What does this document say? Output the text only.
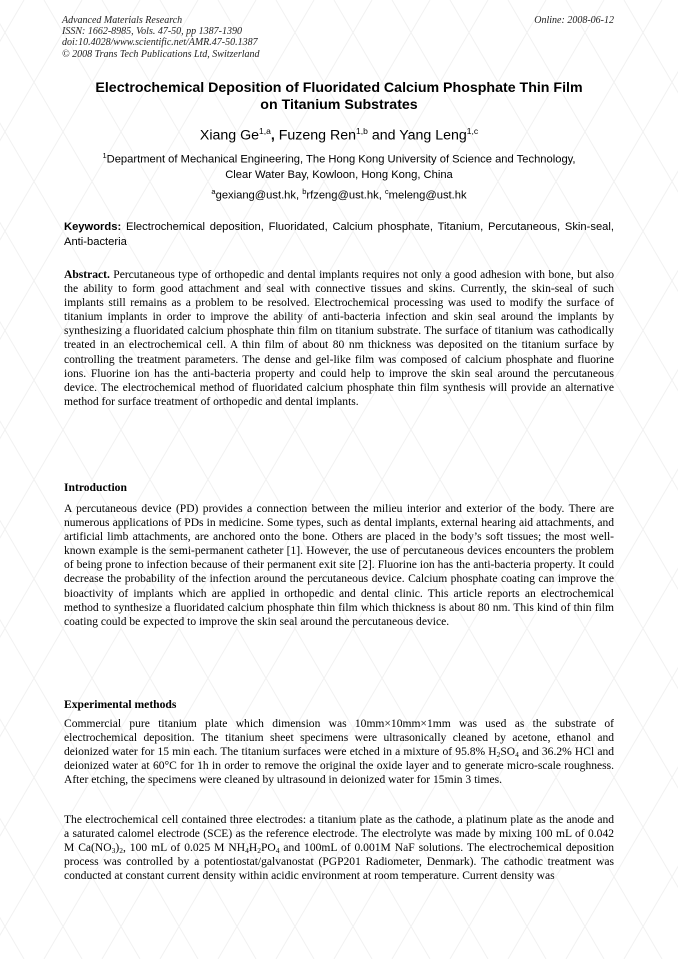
Advanced Materials Research
ISSN: 1662-8985, Vols. 47-50, pp 1387-1390
doi:10.4028/www.scientific.net/AMR.47-50.1387
© 2008 Trans Tech Publications Ltd, Switzerland
Online: 2008-06-12
Electrochemical Deposition of Fluoridated Calcium Phosphate Thin Film
on Titanium Substrates
Xiang Ge$^{1,a}$, Fuzeng Ren$^{1,b}$ and Yang Leng$^{1,c}$
$^1$Department of Mechanical Engineering, The Hong Kong University of Science and Technology,
Clear Water Bay, Kowloon, Hong Kong, China
$^a$gexiang@ust.hk, $^b$rfzeng@ust.hk, $^c$meleng@ust.hk
Keywords: Electrochemical deposition, Fluoridated, Calcium phosphate, Titanium, Percutaneous, Skin-seal, Anti-bacteria
Abstract. Percutaneous type of orthopedic and dental implants requires not only a good adhesion with bone, but also the ability to form good attachment and seal with connective tissues and skins. Currently, the skin-seal of such implants still remains as a problem to be resolved. Electrochemical processing was used to modify the surface of titanium implants in order to improve the ability of anti-bacteria infection and skin seal around the implants by synthesizing a fluoridated calcium phosphate thin film on titanium substrate. The surface of titanium was cathodically treated in an electrochemical cell. A thin film of about 80 nm thickness was deposited on the titanium surface by controlling the treatment parameters. The dense and gel-like film was composed of calcium phosphate and fluorine ions. Fluorine ion has the anti-bacteria property and could help to improve the skin seal around the percutaneous device. The electrochemical method of fluoridated calcium phosphate thin film synthesis will provide an alternative method for surface treatment of orthopedic and dental implants.
Introduction
A percutaneous device (PD) provides a connection between the milieu interior and exterior of the body. There are numerous applications of PDs in medicine. Some types, such as dental implants, external hearing aid attachments, and artificial limb attachments, are anchored onto the bone. Others are placed in the body’s soft tissues; the most well-known example is the semi-permanent catheter [1]. However, the use of percutaneous devices encounters the problem of being prone to infection because of their permanent exit site [2]. Fluorine ion has the anti-bacteria property. It could decrease the probability of the infection around the percutaneous device. Calcium phosphate coating can improve the bioactivity of implants which are applied in orthopedic and dental clinic. This article reports an electrochemical method to synthesize a fluoridated calcium phosphate thin film which thickness is about 80 nm. This kind of thin film coating could be expected to improve the skin seal around the percutaneous device.
Experimental methods
Commercial pure titanium plate which dimension was 10mm×10mm×1mm was used as the substrate of electrochemical deposition. The titanium sheet specimens were ultrasonically cleaned by acetone, ethanol and deionized water for 15 min each. The titanium surfaces were etched in a mixture of 95.8% $H_2SO_4$ and 36.2% HCl and deionized water at 60°C for 1h in order to remove the original the oxide layer and to generate micro-scale roughness. After etching, the specimens were cleaned by ultrasound in deionized water for 15min 3 times.
The electrochemical cell contained three electrodes: a titanium plate as the cathode, a platinum plate as the anode and a saturated calomel electrode (SCE) as the reference electrode. The electrolyte was made by mixing 100 mL of 0.042 M $Ca(NO_3)_2$, 100 mL of 0.025 M $NH_4H_2PO_4$ and 100mL of 0.001M NaF solutions. The electrochemical deposition process was controlled by a potentiostat/galvanostat (PGP201 Radiometer, Denmark). The cathodic treatment was conducted at constant current density within acidic environment at room temperature. Current density was
